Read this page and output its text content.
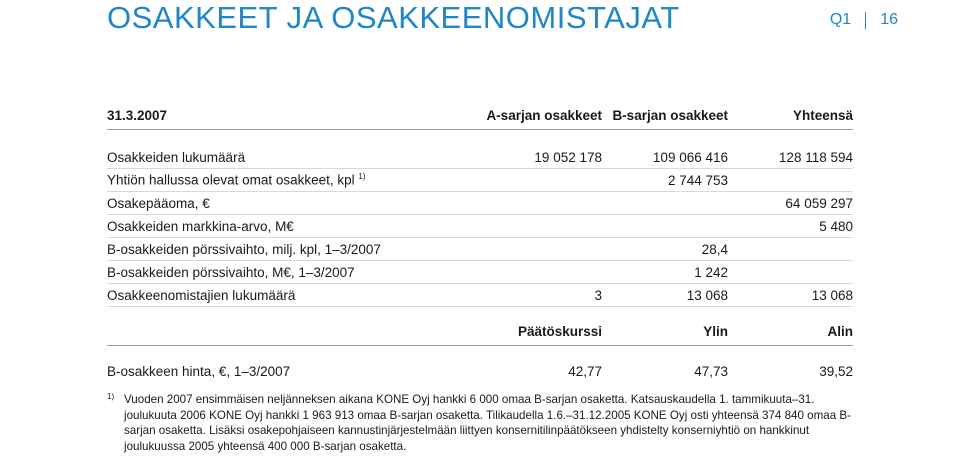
OSAKKEET JA OSAKKEENOMISTAJAT	Q1 16
31.3.2007	A-sarjan osakkeet	B-sarjan osakkeet	Yhteensä

Osakkeiden lukumäärä	19 052 178	109 066 416	128 118 594
Yhtiön hallussa olevat omat osakkeet, kpl $^{1)}$		2 744 753	
Osakepääoma, €			64 059 297
Osakkeiden markkina-arvo, M€			5 480
B-osakkeiden pörssivaihto, milj. kpl, 1–3/2007		28,4	
B-osakkeiden pörssivaihto, M€, 1–3/2007		1 242	
Osakkeenomistajien lukumäärä	3	13 068	13 068
	Päätöskurssi	Ylin	Alin

B-osakkeen hinta, €, 1–3/2007	42,77	47,73	39,52
1) Vuoden 2007 ensimmäisen neljänneksen aikana KONE Oyj hankki 6 000 omaa B-sarjan osaketta. Katsauskaudella 1. tammikuuta–31. joulukuuta 2006 KONE Oyj hankki 1 963 913 omaa B-sarjan osaketta. Tilikaudella 1.6.–31.12.2005 KONE Oyj osti yhteensä 374 840 omaa B-sarjan osaketta. Lisäksi osakepohjaiseen kannustinjärjestelmään liittyen konsernitilinpäätökseen yhdistelty konserniyhtiö on hankkinut joulukuussa 2005 yhteensä 400 000 B-sarjan osaketta.
